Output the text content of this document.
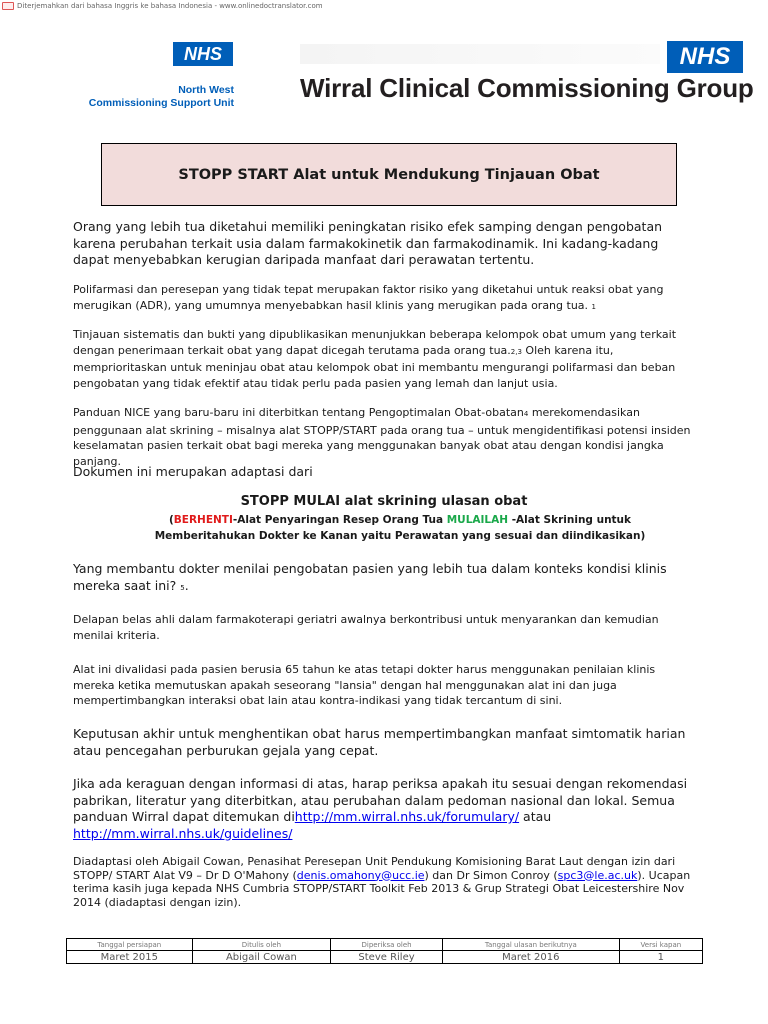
Diterjemahkan dari bahasa Inggris ke bahasa Indonesia - www.onlinedoctranslator.com
NHS
North West
Commissioning Support Unit
NHS
Wirral Clinical Commissioning Group
STOPP START Alat untuk Mendukung Tinjauan Obat
Orang yang lebih tua diketahui memiliki peningkatan risiko efek samping dengan pengobatan karena perubahan terkait usia dalam farmakokinetik dan farmakodinamik. Ini kadang-kadang dapat menyebabkan kerugian daripada manfaat dari perawatan tertentu.
Polifarmasi dan peresepan yang tidak tepat merupakan faktor risiko yang diketahui untuk reaksi obat yang merugikan (ADR), yang umumnya menyebabkan hasil klinis yang merugikan pada orang tua. 1
Tinjauan sistematis dan bukti yang dipublikasikan menunjukkan beberapa kelompok obat umum yang terkait dengan penerimaan terkait obat yang dapat dicegah terutama pada orang tua.2,3 Oleh karena itu, memprioritaskan untuk meninjau obat atau kelompok obat ini membantu mengurangi polifarmasi dan beban pengobatan yang tidak efektif atau tidak perlu pada pasien yang lemah dan lanjut usia.
Panduan NICE yang baru-baru ini diterbitkan tentang Pengoptimalan Obat-obatan4 merekomendasikan penggunaan alat skrining – misalnya alat STOPP/START pada orang tua – untuk mengidentifikasi potensi insiden keselamatan pasien terkait obat bagi mereka yang menggunakan banyak obat atau dengan kondisi jangka panjang.
Dokumen ini merupakan adaptasi dari
STOPP MULAI alat skrining ulasan obat
(BERHENTI-Alat Penyaringan Resep Orang Tua MULAILAH -Alat Skrining untuk
Memberitahukan Dokter ke Kanan yaitu Perawatan yang sesuai dan diindikasikan)
Yang membantu dokter menilai pengobatan pasien yang lebih tua dalam konteks kondisi klinis mereka saat ini? 5.
Delapan belas ahli dalam farmakoterapi geriatri awalnya berkontribusi untuk menyarankan dan kemudian menilai kriteria.
Alat ini divalidasi pada pasien berusia 65 tahun ke atas tetapi dokter harus menggunakan penilaian klinis mereka ketika memutuskan apakah seseorang "lansia" dengan hal menggunakan alat ini dan juga mempertimbangkan interaksi obat lain atau kontra-indikasi yang tidak tercantum di sini.
Keputusan akhir untuk menghentikan obat harus mempertimbangkan manfaat simtomatik harian atau pencegahan perburukan gejala yang cepat.
Jika ada keraguan dengan informasi di atas, harap periksa apakah itu sesuai dengan rekomendasi pabrikan, literatur yang diterbitkan, atau perubahan dalam pedoman nasional dan lokal. Semua panduan Wirral dapat ditemukan dihttp://mm.wirral.nhs.uk/forumulary/ atau
http://mm.wirral.nhs.uk/guidelines/
Diadaptasi oleh Abigail Cowan, Penasihat Peresepan Unit Pendukung Komisioning Barat Laut dengan izin dari STOPP/ START Alat V9 – Dr D O'Mahony (denis.omahony@ucc.ie) dan Dr Simon Conroy (spc3@le.ac.uk). Ucapan terima kasih juga kepada NHS Cumbria STOPP/START Toolkit Feb 2013 & Grup Strategi Obat Leicestershire Nov 2014 (diadaptasi dengan izin).
Tanggal persiapan	Ditulis oleh	Diperiksa oleh	Tanggal ulasan berikutnya	Versi kapan
Maret 2015	Abigail Cowan	Steve Riley	Maret 2016	1
